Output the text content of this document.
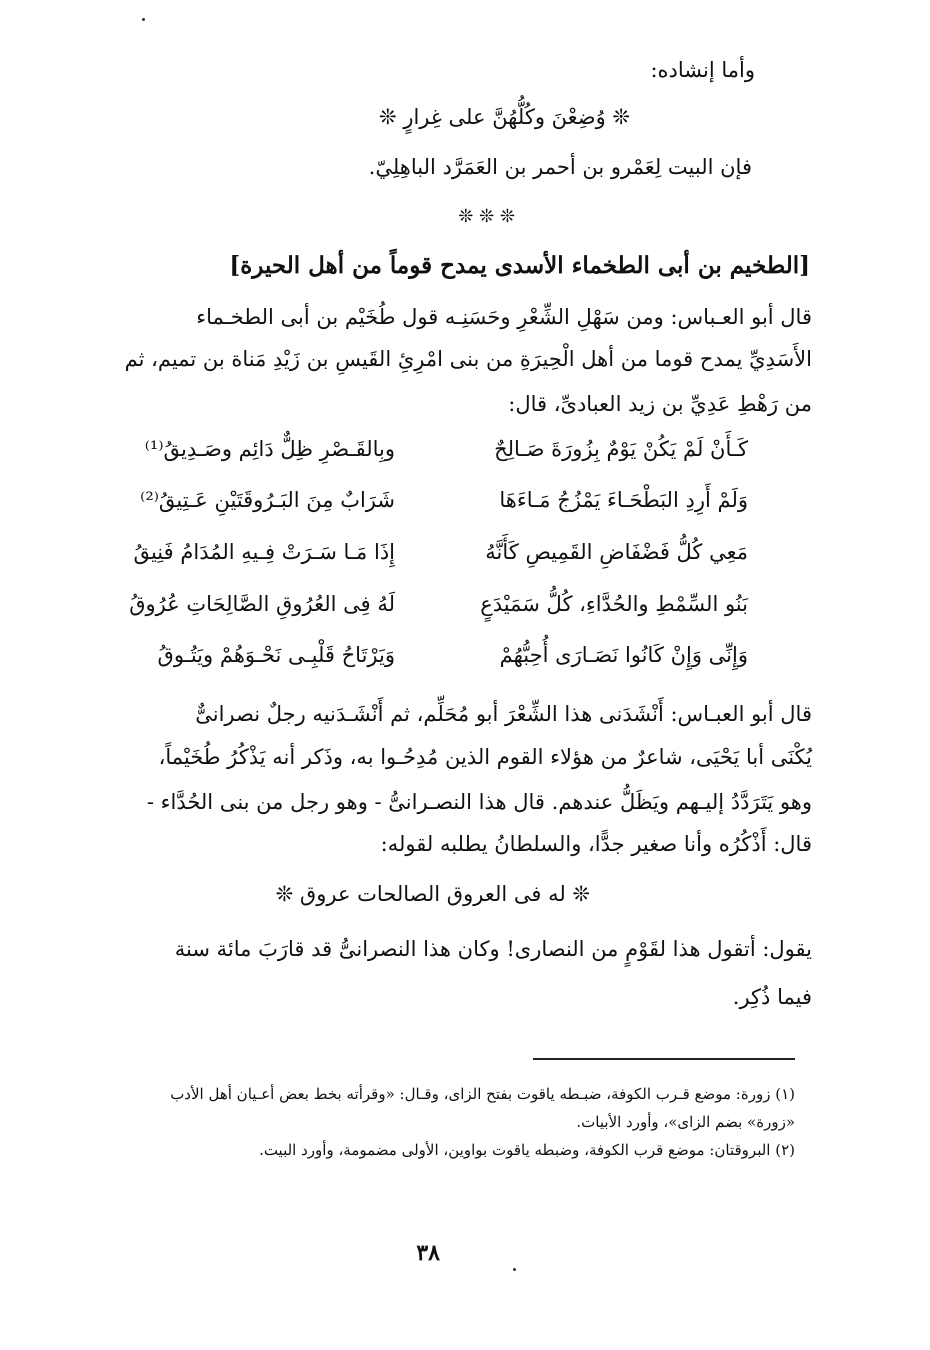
وأما إنشاده:
❊ وُضِعْنَ وكُلُّهُنَّ على غِرارٍ ❊
فإن البيت لِعَمْرو بن أحمر بن العَمَرَّد الباهِلِيّ.
❊ ❊ ❊
[الطخيم بن أبى الطخماء الأسدى يمدح قوماً من أهل الحيرة]
قال أبو العـباس: ومن سَهْلِ الشِّعْرِ وحَسَنِـه قول طُخَيْم بن أبى الطخـماء
الأَسَدِيِّ يمدح قوما من أهل الْحِيرَةِ من بنى امْرِئِ القَيسِ بن زَيْدِ مَناة بن تميم، ثم
من رَهْطِ عَدِيِّ بن زيد العبادىِّ، قال:
كَـأَنْ لَمْ يَكُنْ يَوْمٌ بِزُورَةَ صَـالِحٌ
وبِالقَـصْرِ ظِلٌّ دَائِم وصَـدِيقُ⁽¹⁾
وَلَمْ أَرِدِ البَطْحَـاءَ يَمْزُجُ مَـاءَهَا
شَرَابٌ مِنَ البَـرُوقَتَيْنِ عَـتِيقُ⁽²⁾
مَعِي كُلُّ فَضْفَاضِ القَمِيصِ كَأَنَّهُ
إِذَا مَـا سَـرَتْ فِـيهِ المُدَامُ فَنِيقُ
بَنُو السِّمْطِ والحُدَّاءِ، كُلُّ سَمَيْدَعٍ
لَهُ فِى العُرُوقِ الصَّالِحَاتِ عُرُوقُ
وَإِنِّى وَإِنْ كَانُوا نَصَـارَى أُحِبُّهُمْ
وَيَرْتَاحُ قَلْبِـى نَحْـوَهُمْ ويَتُـوقُ
قال أبو العبـاس: أَنْشَدَنى هذا الشِّعْرَ أبو مُحَلِّم، ثم أَنْشَـدَنيه رجلٌ نصرانىٌّ
يُكْنَى أبا يَحْيَى، شاعرٌ من هؤلاء القوم الذين مُدِحُـوا به، وذَكر أنه يَذْكُرُ طُخَيْماً،
وهو يَتَرَدَّدُ إليـهم ويَظَلُّ عندهم. قال هذا النصـرانىُّ - وهو رجل من بنى الحُدَّاء -
قال: أَذْكُرُه وأنا صغير جدًّا، والسلطانُ يطلبه لقوله:
❊ له فى العروق الصالحات عروق ❊
يقول: أتقول هذا لقَوْمٍ من النصارى! وكان هذا النصرانىُّ قد قارَبَ مائة سنة
فيما ذُكِر.
(١) زورة: موضع قـرب الكوفة، ضبـطه ياقوت بفتح الزاى، وقـال: «وقرأته بخط بعض أعـيان أهل الأدب
«زورة» بضم الزاى»، وأورد الأبيات.
(٢) البروقتان: موضع قرب الكوفة، وضبطه ياقوت بواوين، الأولى مضمومة، وأورد البيت.
٣٨
